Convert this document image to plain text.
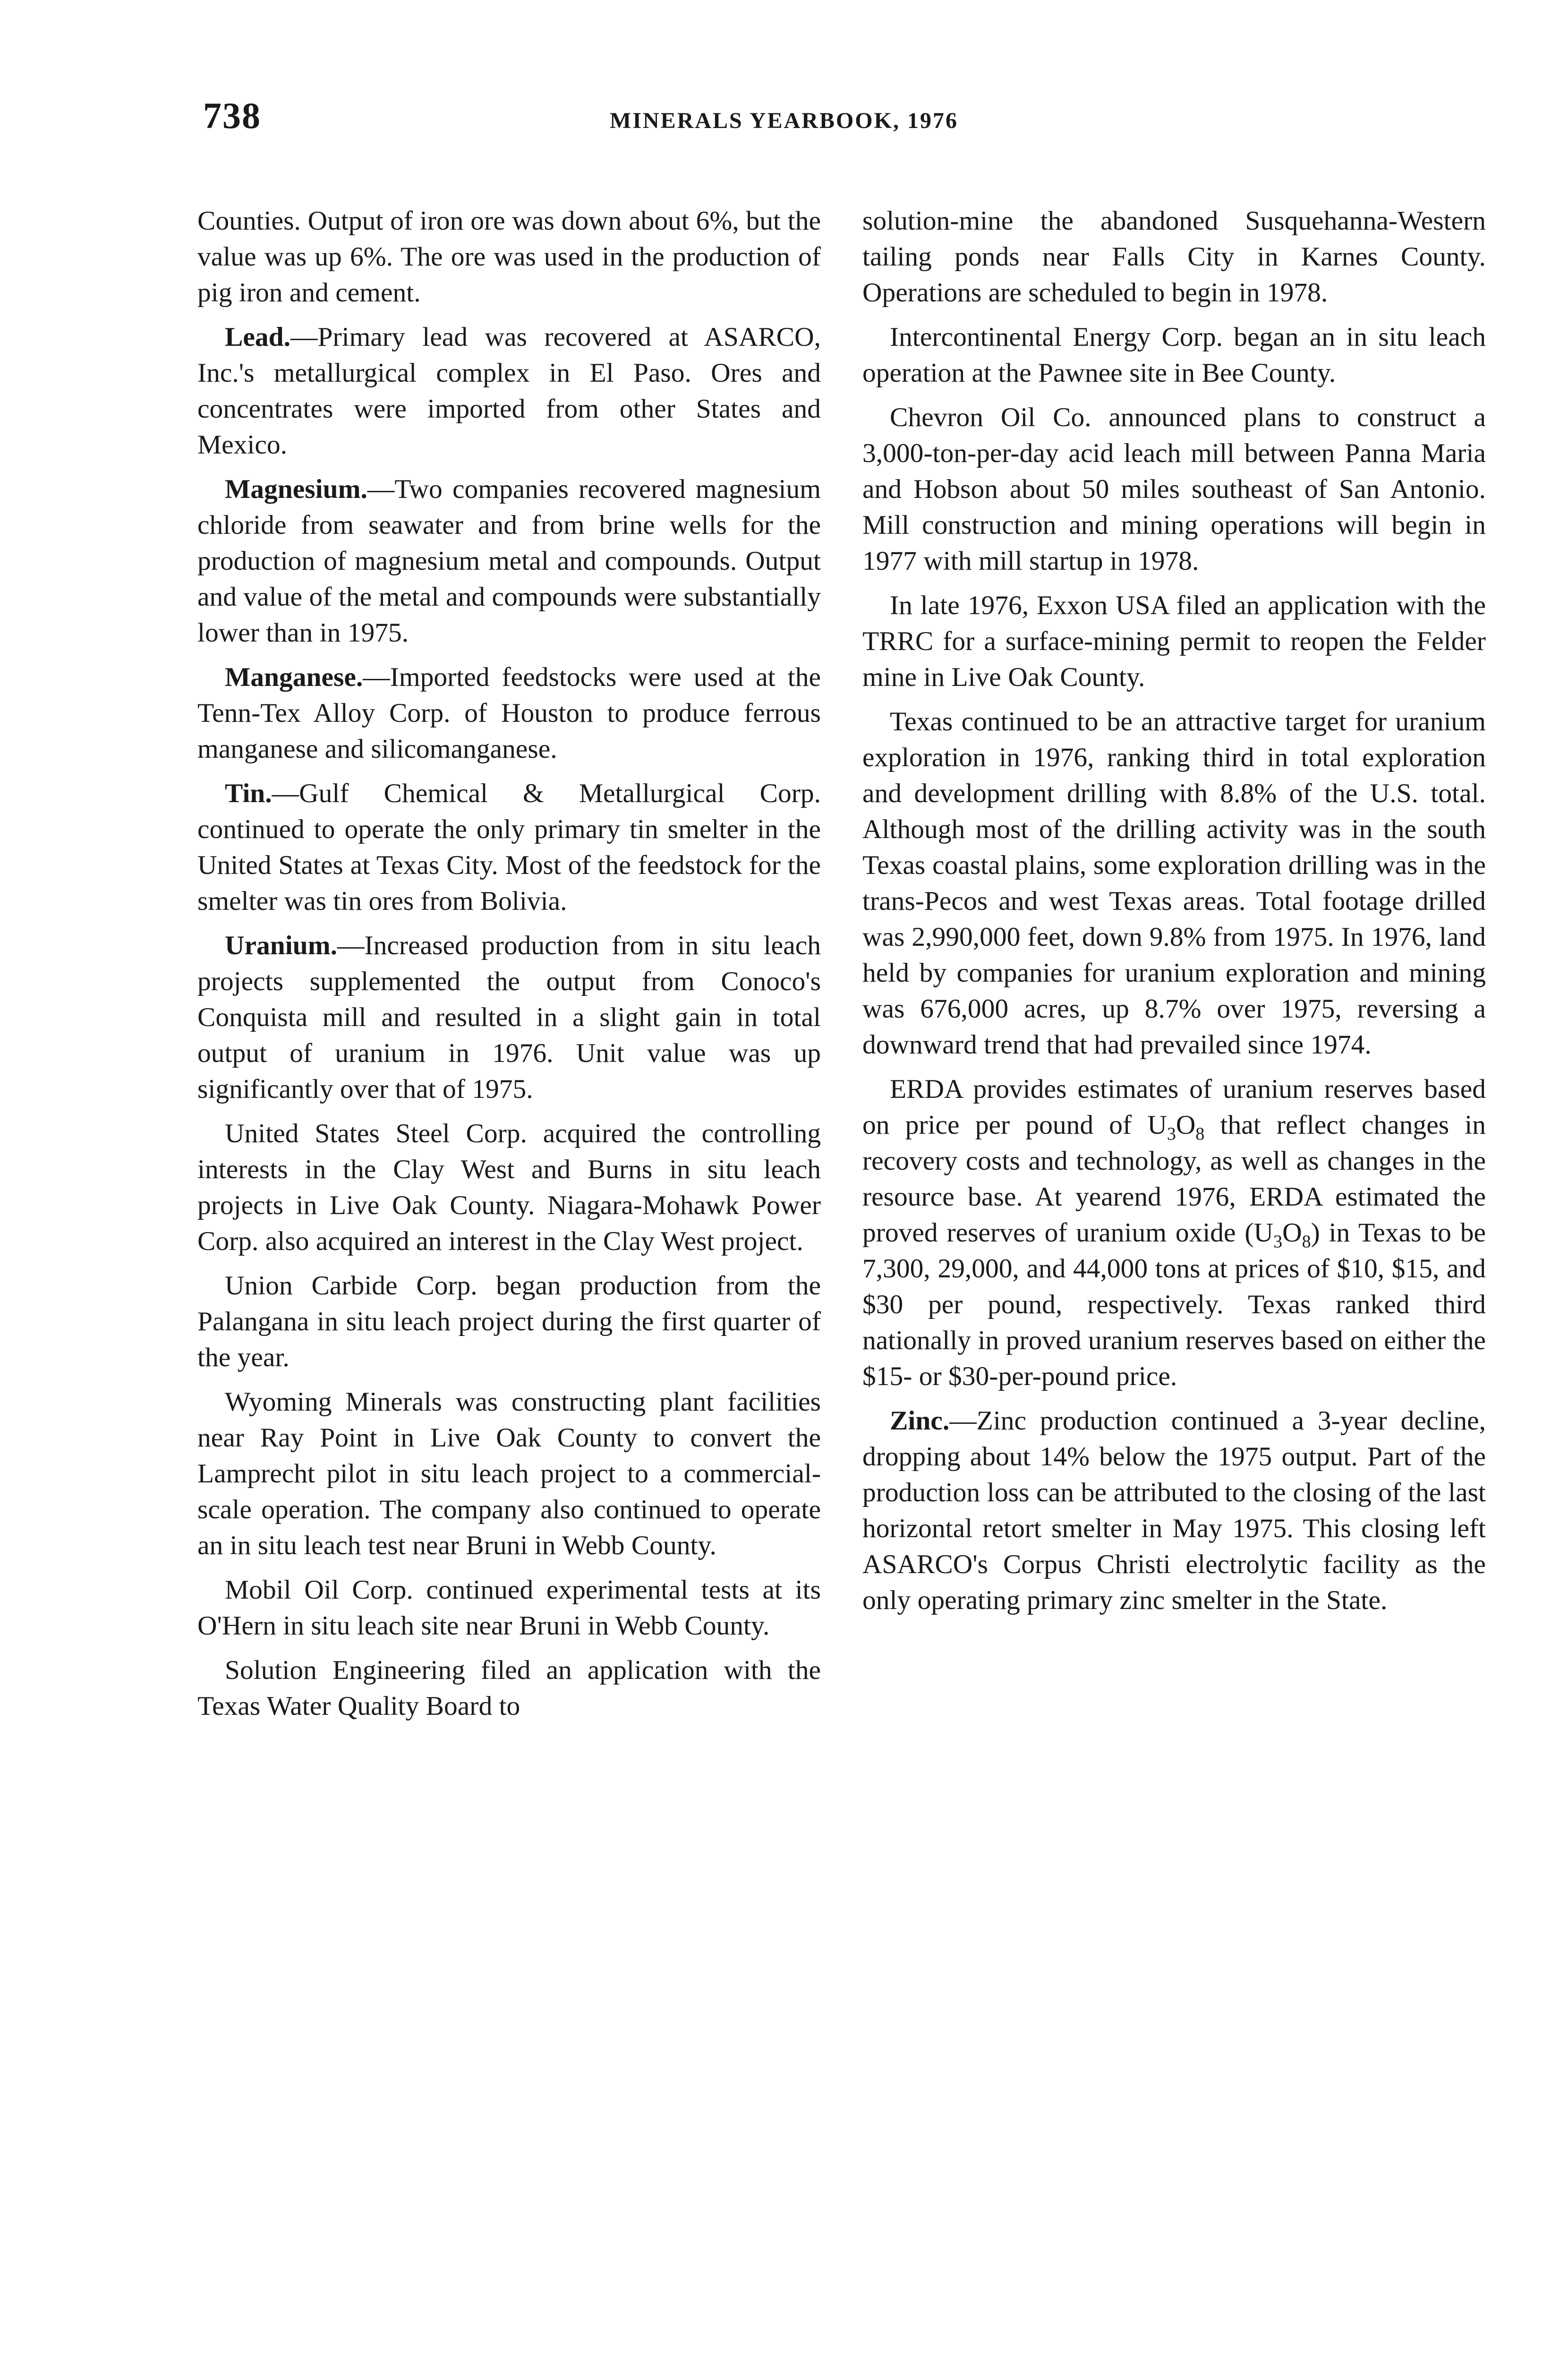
738	MINERALS YEARBOOK, 1976

Counties. Output of iron ore was down about 6%, but the value was up 6%. The ore was used in the production of pig iron and cement.

Lead.—Primary lead was recovered at ASARCO, Inc.'s metallurgical complex in El Paso. Ores and concentrates were imported from other States and Mexico.

Magnesium.—Two companies recovered magnesium chloride from seawater and from brine wells for the production of magnesium metal and compounds. Output and value of the metal and compounds were substantially lower than in 1975.

Manganese.—Imported feedstocks were used at the Tenn-Tex Alloy Corp. of Houston to produce ferrous manganese and silicomanganese.

Tin.—Gulf Chemical & Metallurgical Corp. continued to operate the only primary tin smelter in the United States at Texas City. Most of the feedstock for the smelter was tin ores from Bolivia.

Uranium.—Increased production from in situ leach projects supplemented the output from Conoco's Conquista mill and resulted in a slight gain in total output of uranium in 1976. Unit value was up significantly over that of 1975.

United States Steel Corp. acquired the controlling interests in the Clay West and Burns in situ leach projects in Live Oak County. Niagara-Mohawk Power Corp. also acquired an interest in the Clay West project.

Union Carbide Corp. began production from the Palangana in situ leach project during the first quarter of the year.

Wyoming Minerals was constructing plant facilities near Ray Point in Live Oak County to convert the Lamprecht pilot in situ leach project to a commercial-scale operation. The company also continued to operate an in situ leach test near Bruni in Webb County.

Mobil Oil Corp. continued experimental tests at its O'Hern in situ leach site near Bruni in Webb County.

Solution Engineering filed an application with the Texas Water Quality Board to

solution-mine the abandoned Susquehanna-Western tailing ponds near Falls City in Karnes County. Operations are scheduled to begin in 1978.

Intercontinental Energy Corp. began an in situ leach operation at the Pawnee site in Bee County.

Chevron Oil Co. announced plans to construct a 3,000-ton-per-day acid leach mill between Panna Maria and Hobson about 50 miles southeast of San Antonio. Mill construction and mining operations will begin in 1977 with mill startup in 1978.

In late 1976, Exxon USA filed an application with the TRRC for a surface-mining permit to reopen the Felder mine in Live Oak County.

Texas continued to be an attractive target for uranium exploration in 1976, ranking third in total exploration and development drilling with 8.8% of the U.S. total. Although most of the drilling activity was in the south Texas coastal plains, some exploration drilling was in the trans-Pecos and west Texas areas. Total footage drilled was 2,990,000 feet, down 9.8% from 1975. In 1976, land held by companies for uranium exploration and mining was 676,000 acres, up 8.7% over 1975, reversing a downward trend that had prevailed since 1974.

ERDA provides estimates of uranium reserves based on price per pound of $U_3O_8$ that reflect changes in recovery costs and technology, as well as changes in the resource base. At yearend 1976, ERDA estimated the proved reserves of uranium oxide $(U_3O_8)$ in Texas to be 7,300, 29,000, and 44,000 tons at prices of $10, $15, and $30 per pound, respectively. Texas ranked third nationally in proved uranium reserves based on either the $15- or $30-per-pound price.

Zinc.—Zinc production continued a 3-year decline, dropping about 14% below the 1975 output. Part of the production loss can be attributed to the closing of the last horizontal retort smelter in May 1975. This closing left ASARCO's Corpus Christi electrolytic facility as the only operating primary zinc smelter in the State.
